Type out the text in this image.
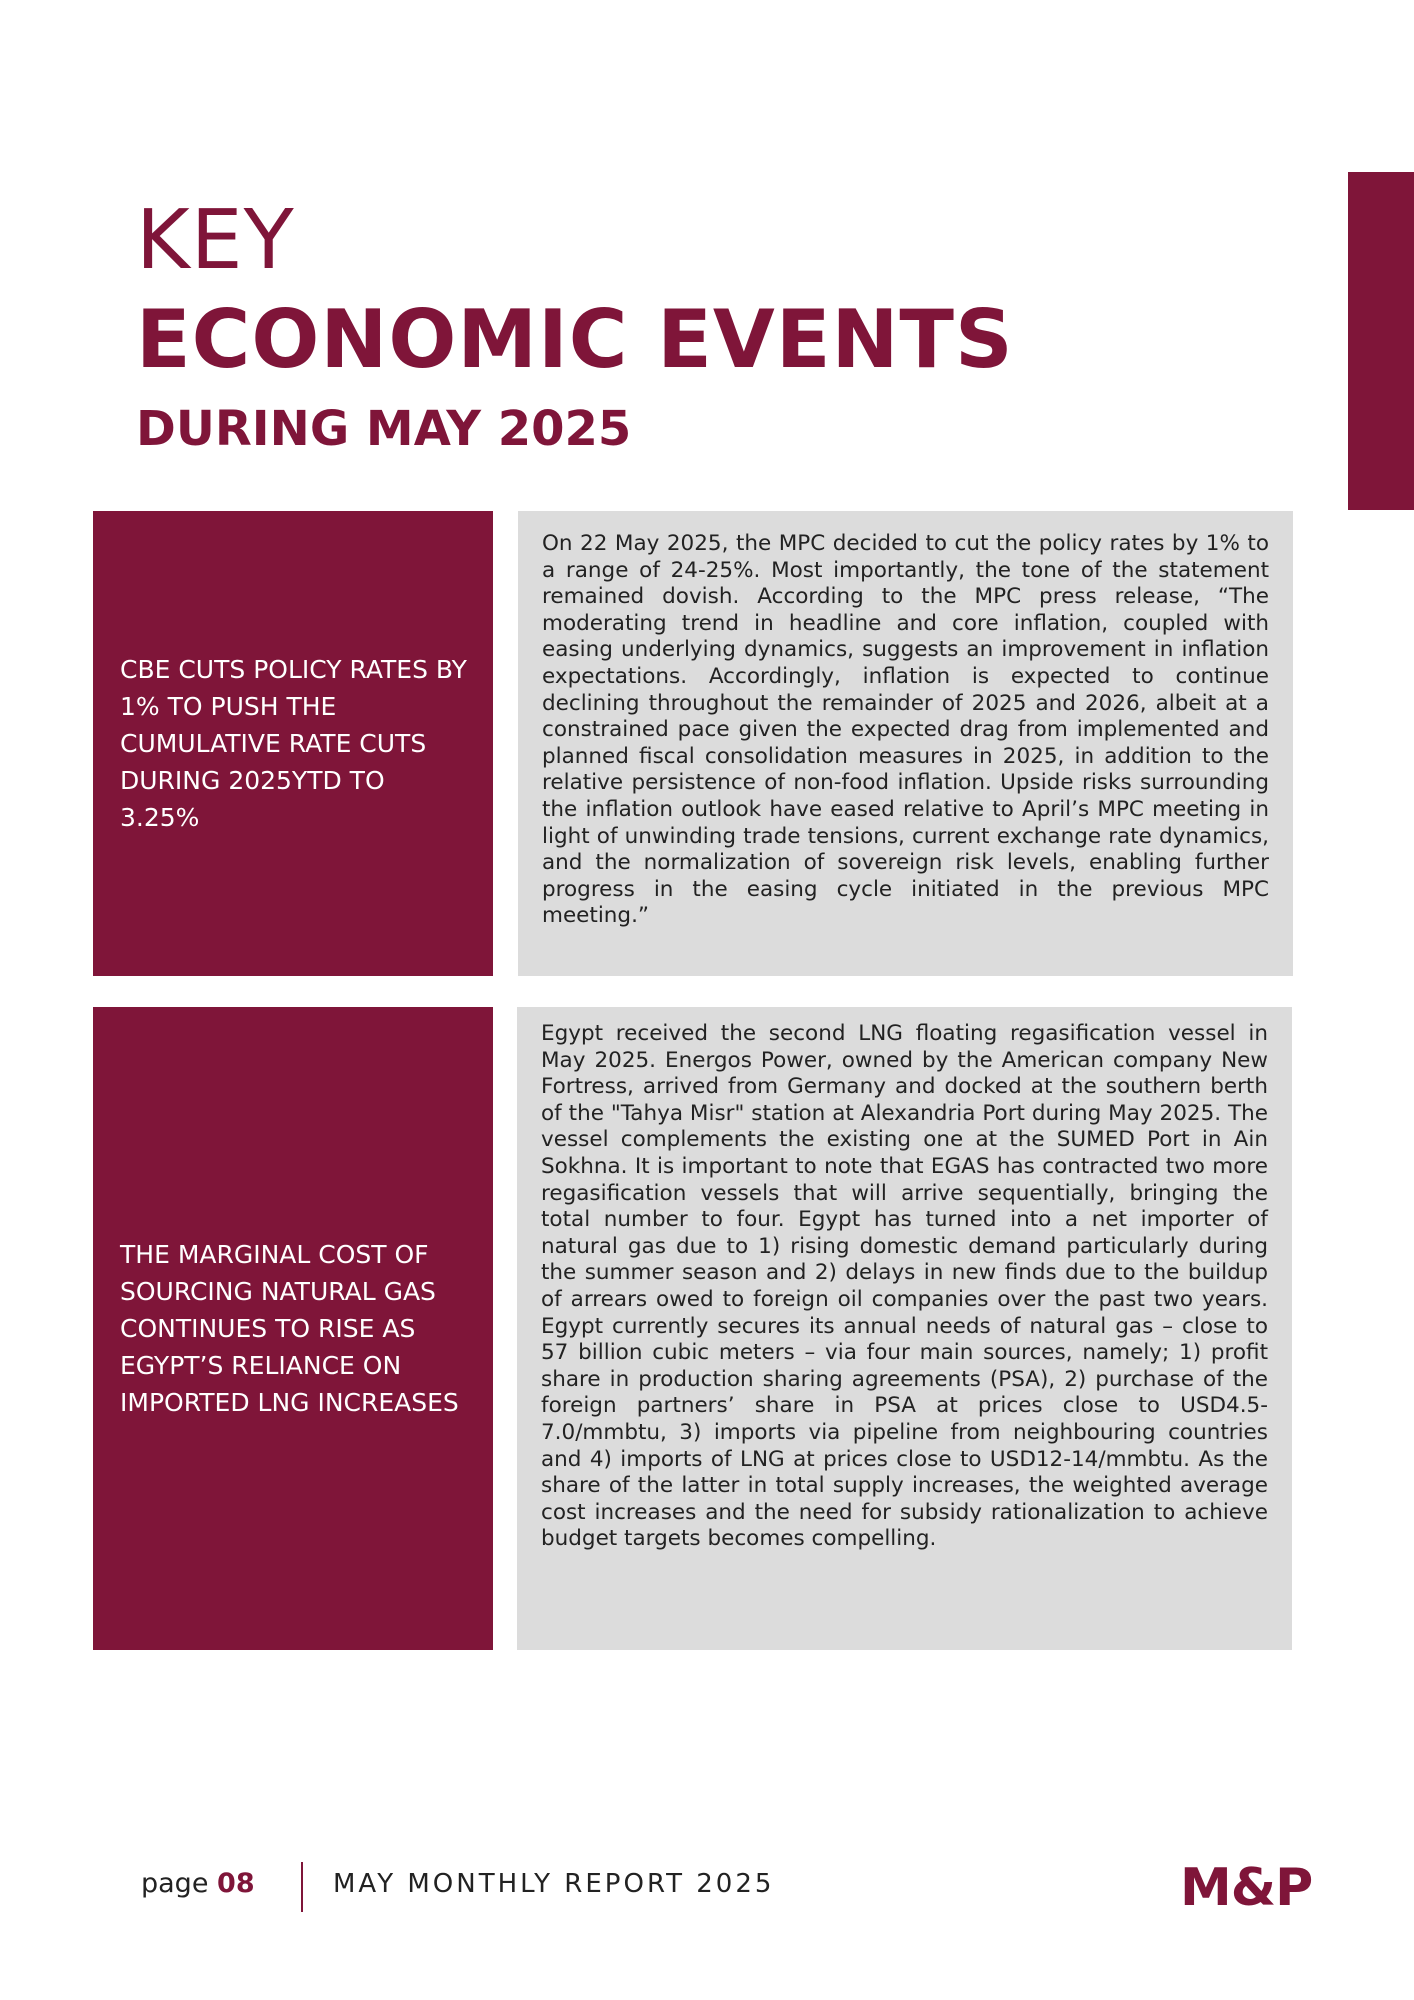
KEY
ECONOMIC EVENTS
DURING MAY 2025
CBE CUTS POLICY RATES BY 1% TO PUSH THE CUMULATIVE RATE CUTS DURING 2025YTD TO 3.25%

On 22 May 2025, the MPC decided to cut the policy rates by 1% to a range of 24-25%. Most importantly, the tone of the statement remained dovish. According to the MPC press release, “The moderating trend in headline and core inflation, coupled with easing underlying dynamics, suggests an improvement in inflation expectations. Accordingly, inflation is expected to continue declining throughout the remainder of 2025 and 2026, albeit at a constrained pace given the expected drag from implemented and planned fiscal consolidation measures in 2025, in addition to the relative persistence of non-food inflation. Upside risks surrounding the inflation outlook have eased relative to April’s MPC meeting in light of unwinding trade tensions, current exchange rate dynamics, and the normalization of sovereign risk levels, enabling further progress in the easing cycle initiated in the previous MPC meeting.”

THE MARGINAL COST OF SOURCING NATURAL GAS CONTINUES TO RISE AS EGYPT’S RELIANCE ON IMPORTED LNG INCREASES

Egypt received the second LNG floating regasification vessel in May 2025. Energos Power, owned by the American company New Fortress, arrived from Germany and docked at the southern berth of the "Tahya Misr" station at Alexandria Port during May 2025. The vessel complements the existing one at the SUMED Port in Ain Sokhna. It is important to note that EGAS has contracted two more regasification vessels that will arrive sequentially, bringing the total number to four. Egypt has turned into a net importer of natural gas due to 1) rising domestic demand particularly during the summer season and 2) delays in new finds due to the buildup of arrears owed to foreign oil companies over the past two years. Egypt currently secures its annual needs of natural gas – close to 57 billion cubic meters – via four main sources, namely; 1) profit share in production sharing agreements (PSA), 2) purchase of the foreign partners’ share in PSA at prices close to USD4.5-7.0/mmbtu, 3) imports via pipeline from neighbouring countries and 4) imports of LNG at prices close to USD12-14/mmbtu. As the share of the latter in total supply increases, the weighted average cost increases and the need for subsidy rationalization to achieve budget targets becomes compelling.

page 08	MAY MONTHLY REPORT 2025	M&P
